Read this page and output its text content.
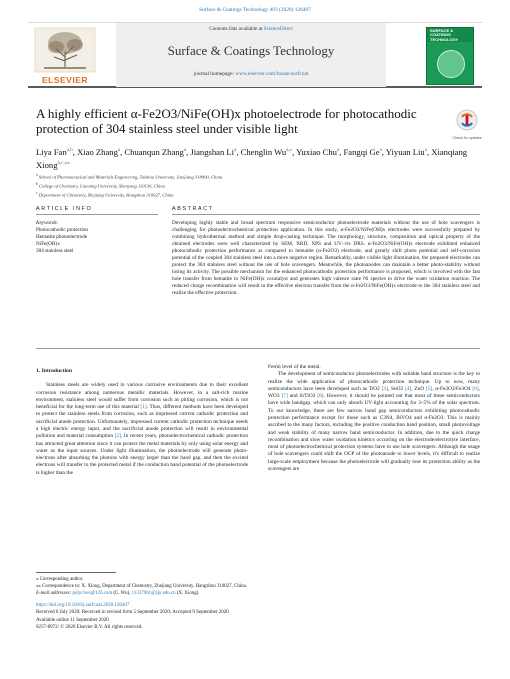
Surface & Coatings Technology 403 (2020) 126407
ELSEVIER
Contents lists available at ScienceDirect
Surface & Coatings Technology
journal homepage: www.elsevier.com/locate/surfcoat
SURFACE & COATINGS TECHNOLOGY
A highly efficient α-Fe2O3/NiFe(OH)x photoelectrode for photocathodic protection of 304 stainless steel under visible light
Check for updates
Liya Fan$^{a,b}$, Xiao Zhang$^a$, Chuanqun Zhang$^a$, Jiangshan Li$^a$, Chenglin $Wu^{a,⁎}$, Yuxiao Chu$^a$, Fangqi Ge$^a$, Yiyuan Liu$^a$, Xianqiang Xiong$^{b,c,⁎⁎}$
$^a$ School of Pharmaceutical and Materials Engineering, Taizhou University, Jiaojiang 318000, China
$^b$ College of Chemistry, Liaoning University, Shenyang 110136, China
$^c$ Department of Chemistry, Zhejiang University, Hangzhou 310027, China
ARTICLE INFO	ABSTRACT
Keywords:
Photocathodic protection
Hematite photoelectrode
NiFe(OH)x
304 stainless steel
Developing highly stable and broad spectrum responsive semiconductor photoelectrode materials without the use of hole scavengers is challenging for photoelectrochemical protection application. In this study, α-Fe2O3/NiFe(OH)x electrodes were successfully prepared by combining hydrothermal method and simple drop-casting technique. The morphology, structure, composition and optical property of the obtained electrodes were well characterized by SEM, XRD, XPS and UV–vis DRS. α-Fe2O3/NiFe(OH)x electrode exhibited enhanced photocathodic protection performance as compared to hematite (α-Fe2O3) electrode, and greatly shift photo potential and self-corrosion potential of the coupled 304 stainless steel into a more negative region. Remarkably, under visible light illumination, the prepared electrodes can protect the 304 stainless steel without the use of hole scavengers. Meanwhile, the photoanodes can maintain a better photo-stability without losing its activity. The possible mechanism for the enhanced photocathodic protection performance is proposed, which is involved with the fast hole transfer from hematite to NiFe(OH)x cocatalyst and generates high valence state Ni species to drive the water oxidation reaction. The reduced charge recombination will result in the effective electron transfer from the α-Fe2O3/NiFe(OH)x electrode to the 304 stainless steel and realize the effective protection.
1. Introduction
Stainless steels are widely used in various corrosive environments due to their excellent corrosion resistance among numerous metallic materials. However, in a salt-rich marine environment, stainless steel would suffer from corrosion such as pitting corrosion, which is not beneficial for the long-term use of this material [1]. Thus, different methods have been developed to protect the stainless steels from corrosion, such as impressed current cathodic protection and sacrificial anode protection. Unfortunately, impressed current cathodic protection technique needs a high electric energy input, and the sacrificial anode protection will result in environmental pollution and material consumption [2]. In recent years, photoelectrochemical cathodic protection has attracted great attention since it can protect the metal materials by only using solar energy and water as the input sources. Under light illumination, the photoelectrode will generate photo-electrons after absorbing the photons with energy larger than the band gap, and then the excited electrons will transfer to the protected metal if the conduction band potential of the photoelectrode is higher than the
Fermi level of the metal.
The development of semiconductor photoelectrodes with suitable band structure is the key to realize the wide application of photocathodic protection technique. Up to now, many semiconductors have been developed such as TiO2 [3], SnO2 [4], ZnO [5], α-Fe2O3/Fe3O4 [6], WO3 [7] and SrTiO3 [8]. However, it should be pointed out that most of these semiconductors have wide bandgap, which can only absorb UV-light accounting for 3–5% of the solar spectrum. To our knowledge, there are few narrow band gap semiconductors exhibiting photocathodic protection performance except for those such as C3N4, BiVO4 and α-Fe2O3. This is mainly ascribed to the many factors, including the positive conduction band position, small photovoltage and weak stability of many narrow band semiconductor. In addition, due to the quick charge recombination and slow water oxidation kinetics occurring on the electrode/electrolyte interface, most of photoelectrochemical protection systems have to use hole scavengers. Although the usage of hole scavengers could shift the OCP of the photoanode to lower levels, it's difficult to realize large-scale employment because the photoelectrode will gradually lose its protection ability as the scavengers are
⁎ Corresponding author.
⁎⁎ Correspondence to: X. Xiong, Department of Chemistry, Zhejiang University, Hangzhou 310027, China.
E-mail addresses: polyclwu@126.com (C. Wu), 11337961@zju.edu.cn (X. Xiong).
https://doi.org/10.1016/j.surfcoat.2020.126407
Received 6 July 2020; Received in revised form 5 September 2020; Accepted 9 September 2020
Available online 11 September 2020
0257-8972/ © 2020 Elsevier B.V. All rights reserved.
